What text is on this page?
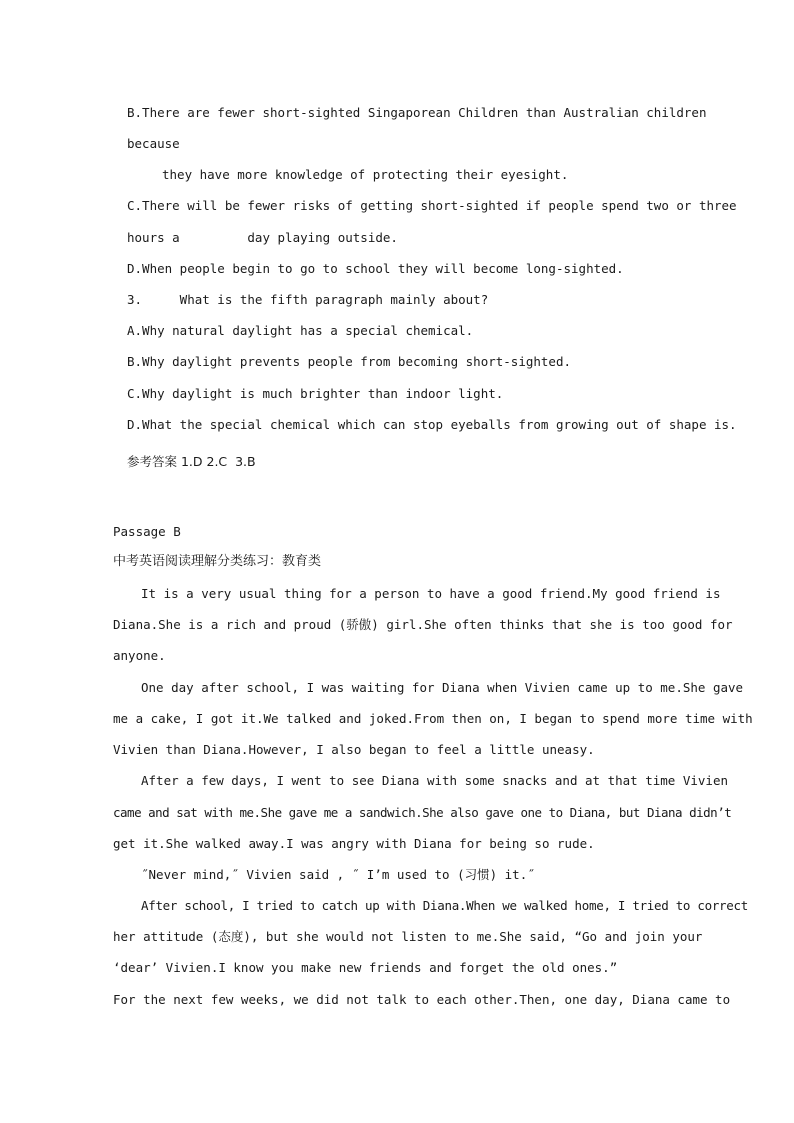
B.There are fewer short-sighted Singaporean Children than Australian children
because
they have more knowledge of protecting their eyesight.
C.There will be fewer risks of getting short-sighted if people spend two or three
hours a         day playing outside.
D.When people begin to go to school they will become long-sighted.
3.     What is the fifth paragraph mainly about?
A.Why natural daylight has a special chemical.
B.Why daylight prevents people from becoming short-sighted.
C.Why daylight is much brighter than indoor light.
D.What the special chemical which can stop eyeballs from growing out of shape is.
参考答案 1.D 2.C  3.B
Passage B
中考英语阅读理解分类练习：教育类
It is a very usual thing for a person to have a good friend.My good friend is
Diana.She is a rich and proud (骄傲) girl.She often thinks that she is too good for
anyone.
One day after school, I was waiting for Diana when Vivien came up to me.She gave
me a cake, I got it.We talked and joked.From then on, I began to spend more time with
Vivien than Diana.However, I also began to feel a little uneasy.
After a few days, I went to see Diana with some snacks and at that time Vivien
came and sat with me.She gave me a sandwich.She also gave one to Diana, but Diana didn’t
get it.She walked away.I was angry with Diana for being so rude.
˝Never mind,˝ Vivien said , ˝ I’m used to (习惯) it.˝
After school, I tried to catch up with Diana.When we walked home, I tried to correct
her attitude (态度), but she would not listen to me.She said, “Go and join your
‘dear’ Vivien.I know you make new friends and forget the old ones.”
For the next few weeks, we did not talk to each other.Then, one day, Diana came to
